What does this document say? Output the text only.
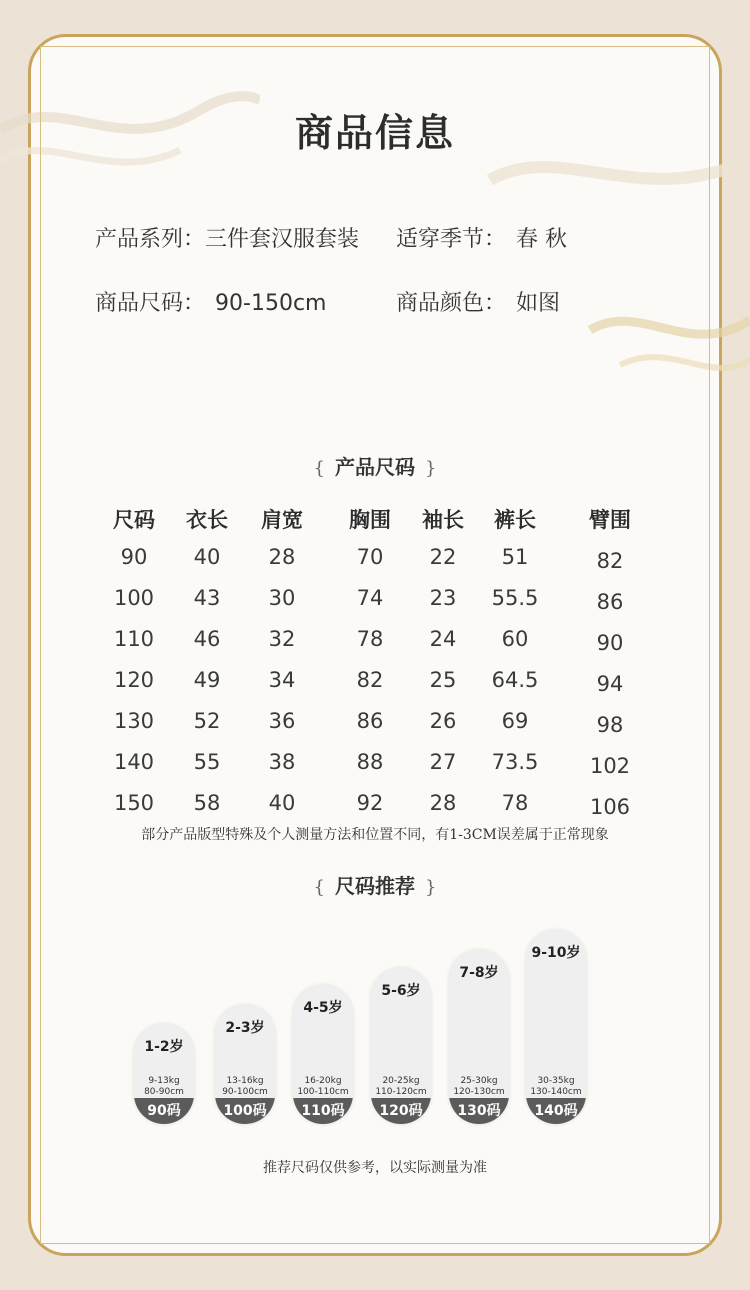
商品信息
产品系列：三件套汉服套装 适穿季节： 春 秋
商品尺码： 90-150cm	商品颜色： 如图
{ 产品尺码 }
尺码	衣长	肩宽	胸围	袖长	裤长	臂围
90	40	28	70	22	51	82
100	43	30	74	23	55.5	86
110	46	32	78	24	60	90
120	49	34	82	25	64.5	94
130	52	36	86	26	69	98
140	55	38	88	27	73.5	102
150	58	40	92	28	78	106
部分产品版型特殊及个人测量方法和位置不同，有1-3CM误差属于正常现象
{ 尺码推荐 }
1-2岁
9-13kg
80-90cm
90码
2-3岁
13-16kg
90-100cm
100码
4-5岁
16-20kg
100-110cm
110码
5-6岁
20-25kg
110-120cm
120码
7-8岁
25-30kg
120-130cm
130码
9-10岁
30-35kg
130-140cm
140码
推荐尺码仅供参考，以实际测量为准
